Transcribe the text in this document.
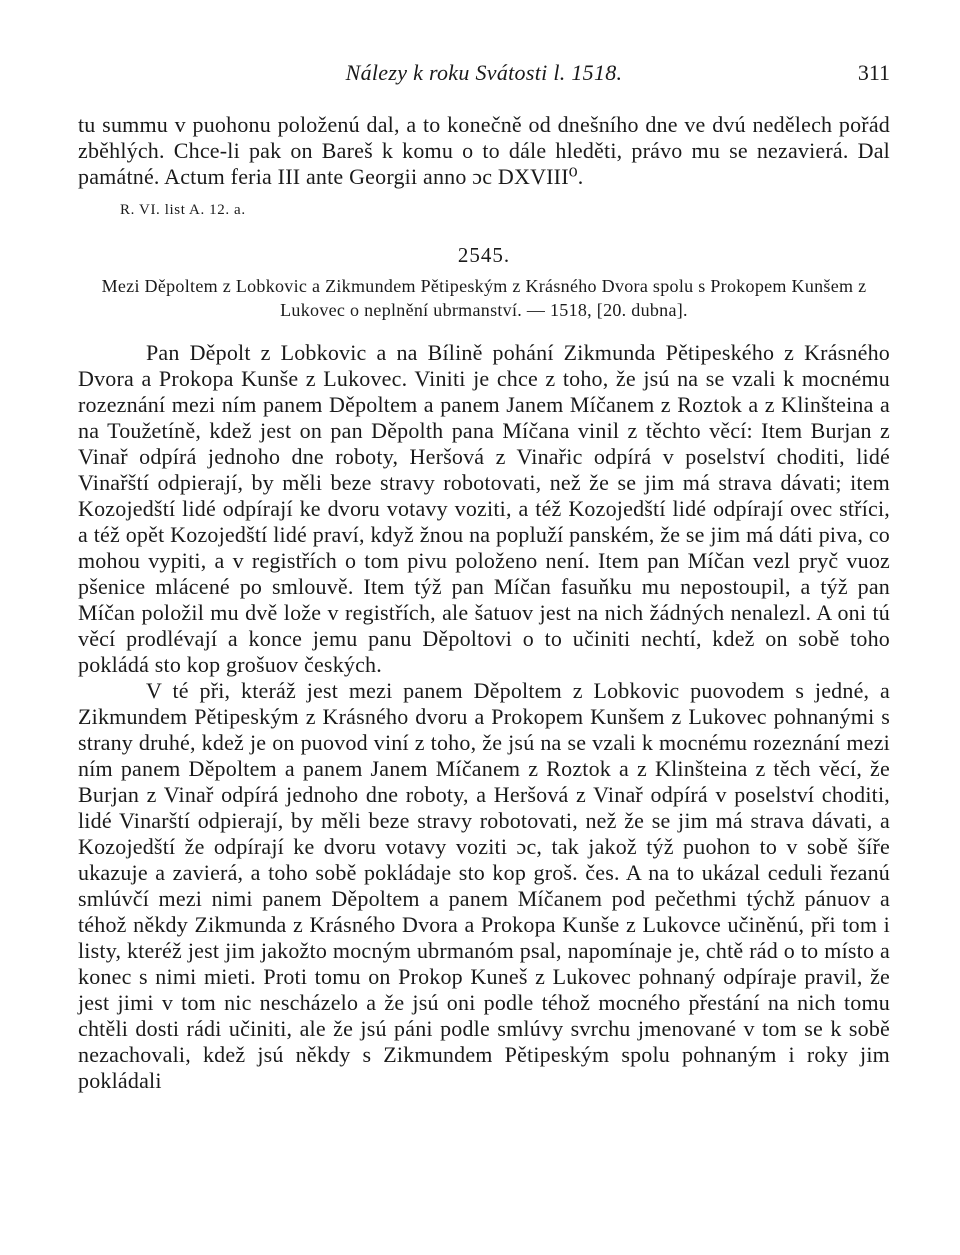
Nálezy k roku Svátosti l. 1518.	311

tu summu v puohonu položenú dal, a to konečně od dnešního dne ve dvú nedělech pořád zběhlých. Chce-li pak on Bareš k komu o to dále hleděti, právo mu se nezavierá. Dal památné. Actum feria III ante Georgii anno ɔc DXVIII⁰.

R. VI. list A. 12. a.
2545.

Mezi Děpoltem z Lobkovic a Zikmundem Pětipeským z Krásného Dvora spolu s Prokopem Kunšem z Lukovec o neplnění ubrmanství. — 1518, [20. dubna].

Pan Děpolt z Lobkovic a na Bílině pohání Zikmunda Pětipeského z Krásného Dvora a Prokopa Kunše z Lukovec. Viniti je chce z toho, že jsú na se vzali k mocnému rozeznání mezi ním panem Děpoltem a panem Janem Míčanem z Roztok a z Klinšteina a na Toužetíně, kdež jest on pan Děpolth pana Míčana vinil z těchto věcí: Item Burjan z Vinař odpírá jednoho dne roboty, Heršová z Vinařic odpírá v poselství choditi, lidé Vinařští odpierají, by měli beze stravy robotovati, než že se jim má strava dávati; item Kozojedští lidé odpírají ke dvoru votavy voziti, a též Kozojedští lidé odpírají ovec stříci, a též opět Kozojedští lidé praví, když žnou na popluží panském, že se jim má dáti piva, co mohou vypiti, a v registřích o tom pivu položeno není. Item pan Míčan vezl pryč vuoz pšenice mlácené po smlouvě. Item týž pan Míčan fasuňku mu nepostoupil, a týž pan Míčan položil mu dvě lože v registřích, ale šatuov jest na nich žádných nenalezl. A oni tú věcí prodlévají a konce jemu panu Děpoltovi o to učiniti nechtí, kdež on sobě toho pokládá sto kop grošuov českých.

V té při, kteráž jest mezi panem Děpoltem z Lobkovic puovodem s jedné, a Zikmundem Pětipeským z Krásného dvoru a Prokopem Kunšem z Lukovec pohnanými s strany druhé, kdež je on puovod viní z toho, že jsú na se vzali k mocnému rozeznání mezi ním panem Děpoltem a panem Janem Míčanem z Roztok a z Klinšteina z těch věcí, že Burjan z Vinař odpírá jednoho dne roboty, a Heršová z Vinař odpírá v poselství choditi, lidé Vinarští odpierají, by měli beze stravy robotovati, než že se jim má strava dávati, a Kozojedští že odpírají ke dvoru votavy voziti ɔc, tak jakož týž puohon to v sobě šíře ukazuje a zavierá, a toho sobě pokládaje sto kop groš. čes. A na to ukázal ceduli řezanú smlúvčí mezi nimi panem Děpoltem a panem Míčanem pod pečethmi týchž pánuov a téhož někdy Zikmunda z Krásného Dvora a Prokopa Kunše z Lukovce učiněnú, při tom i listy, kteréž jest jim jakožto mocným ubrmanóm psal, napomínaje je, chtě rád o to místo a konec s nimi mieti. Proti tomu on Prokop Kuneš z Lukovec pohnaný odpíraje pravil, že jest jimi v tom nic nescházelo a že jsú oni podle téhož mocného přestání na nich tomu chtěli dosti rádi učiniti, ale že jsú páni podle smlúvy svrchu jmenované v tom se k sobě nezachovali, kdež jsú někdy s Zikmundem Pětipeským spolu pohnaným i roky jim pokládali
